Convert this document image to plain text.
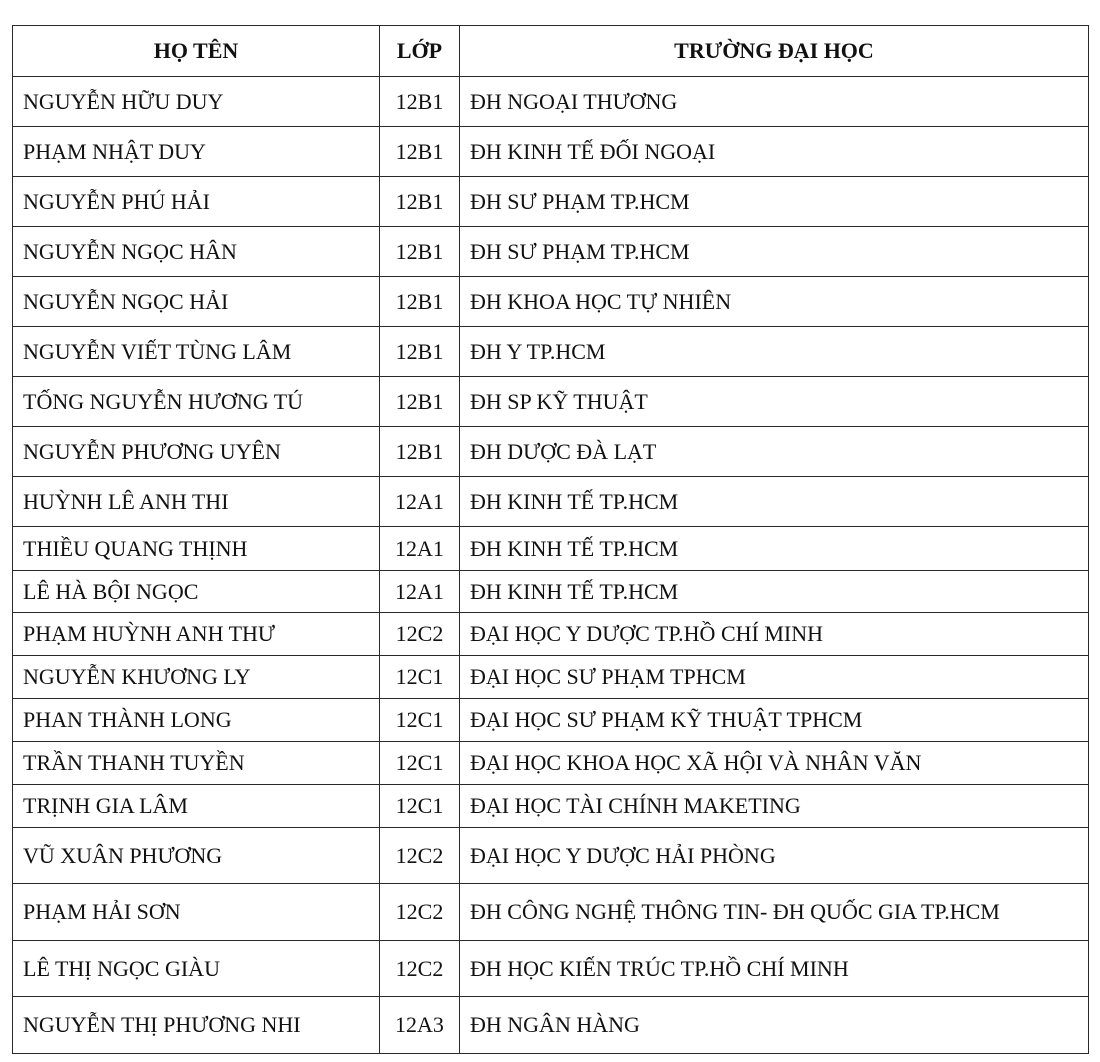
HỌ TÊN	LỚP	TRƯỜNG ĐẠI HỌC
NGUYỄN HỮU DUY	12B1	ĐH NGOẠI THƯƠNG
PHẠM NHẬT DUY	12B1	ĐH KINH TẾ ĐỐI NGOẠI
NGUYỄN PHÚ HẢI	12B1	ĐH SƯ PHẠM TP.HCM
NGUYỄN NGỌC HÂN	12B1	ĐH SƯ PHẠM TP.HCM
NGUYỄN NGỌC HẢI	12B1	ĐH KHOA HỌC TỰ NHIÊN
NGUYỄN VIẾT TÙNG LÂM	12B1	ĐH Y TP.HCM
TỐNG NGUYỄN HƯƠNG TÚ	12B1	ĐH SP KỸ THUẬT
NGUYỄN PHƯƠNG UYÊN	12B1	ĐH DƯỢC ĐÀ LẠT
HUỲNH LÊ ANH THI	12A1	ĐH KINH TẾ TP.HCM
THIỀU QUANG THỊNH	12A1	ĐH KINH TẾ TP.HCM
LÊ HÀ BỘI NGỌC	12A1	ĐH KINH TẾ TP.HCM
PHẠM HUỲNH ANH THƯ	12C2	ĐẠI HỌC Y DƯỢC TP.HỒ CHÍ MINH
NGUYỄN KHƯƠNG LY	12C1	ĐẠI HỌC SƯ PHẠM TPHCM
PHAN THÀNH LONG	12C1	ĐẠI HỌC SƯ PHẠM KỸ THUẬT TPHCM
TRẦN THANH TUYỀN	12C1	ĐẠI HỌC KHOA HỌC XÃ HỘI VÀ NHÂN VĂN
TRỊNH GIA LÂM	12C1	ĐẠI HỌC TÀI CHÍNH MAKETING
VŨ XUÂN PHƯƠNG	12C2	ĐẠI HỌC Y DƯỢC HẢI PHÒNG
PHẠM HẢI SƠN	12C2	ĐH CÔNG NGHỆ THÔNG TIN- ĐH QUỐC GIA TP.HCM
LÊ THỊ NGỌC GIÀU	12C2	ĐH HỌC KIẾN TRÚC TP.HỒ CHÍ MINH
NGUYỄN THỊ PHƯƠNG NHI	12A3	ĐH NGÂN HÀNG
